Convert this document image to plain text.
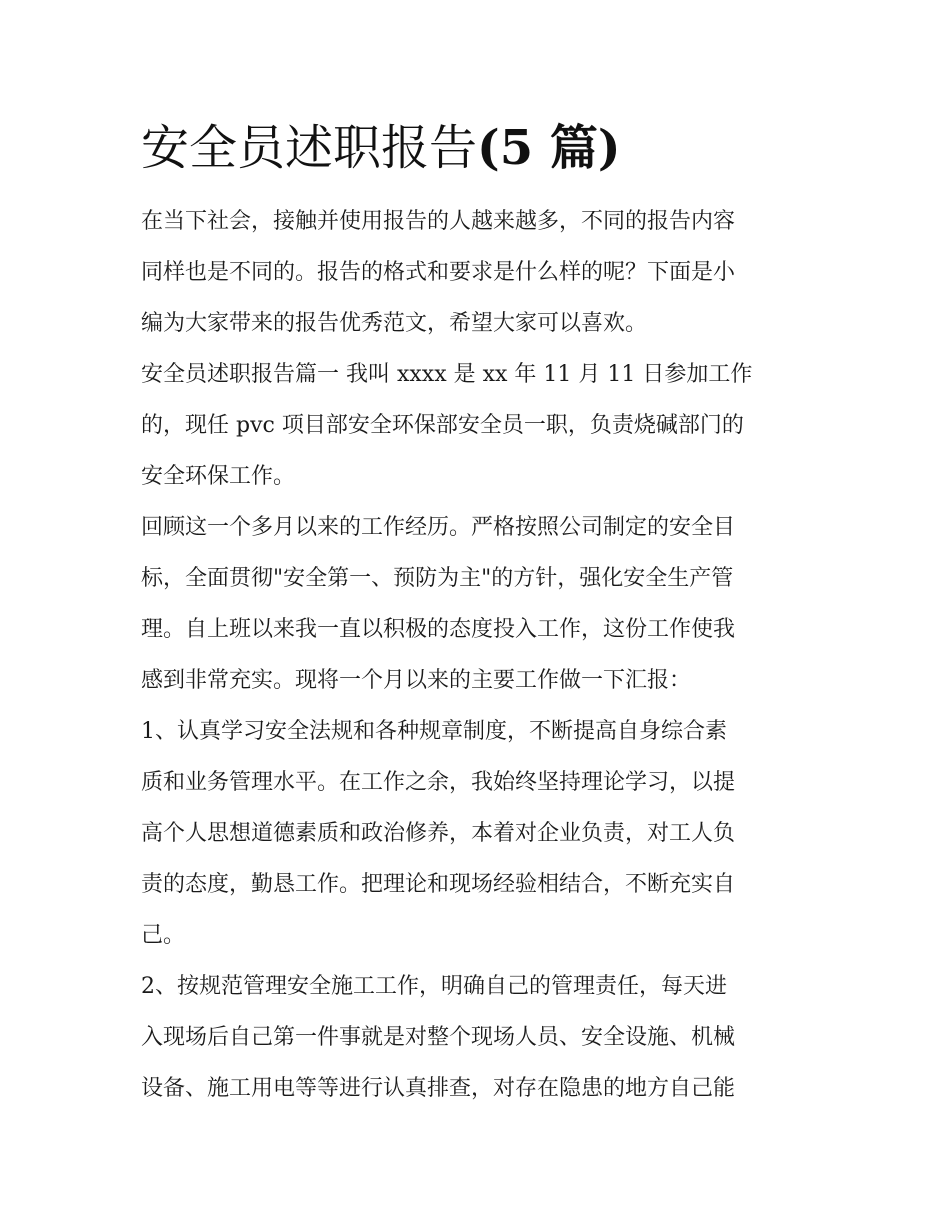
安全员述职报告(5 篇)
在当下社会，接触并使用报告的人越来越多，不同的报告内容
同样也是不同的。报告的格式和要求是什么样的呢？下面是小
编为大家带来的报告优秀范文，希望大家可以喜欢。
安全员述职报告篇一 我叫 xxxx 是 xx 年 11 月 11 日参加工作
的，现任 pvc 项目部安全环保部安全员一职，负责烧碱部门的
安全环保工作。
回顾这一个多月以来的工作经历。严格按照公司制定的安全目
标，全面贯彻"安全第一、预防为主"的方针，强化安全生产管
理。自上班以来我一直以积极的态度投入工作，这份工作使我
感到非常充实。现将一个月以来的主要工作做一下汇报：
1、认真学习安全法规和各种规章制度，不断提高自身综合素
质和业务管理水平。在工作之余，我始终坚持理论学习，以提
高个人思想道德素质和政治修养，本着对企业负责，对工人负
责的态度，勤恳工作。把理论和现场经验相结合，不断充实自
己。
2、按规范管理安全施工工作，明确自己的管理责任，每天进
入现场后自己第一件事就是对整个现场人员、安全设施、机械
设备、施工用电等等进行认真排查，对存在隐患的地方自己能
